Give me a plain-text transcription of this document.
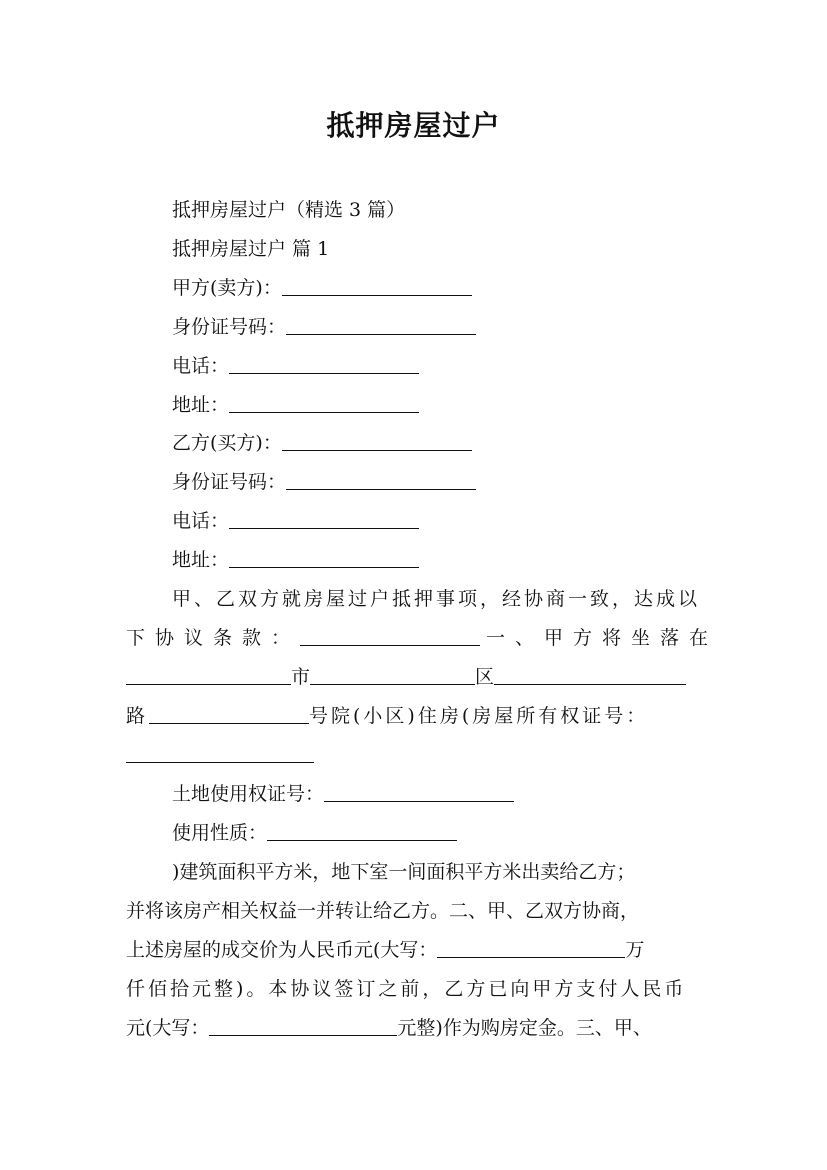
抵押房屋过户
抵押房屋过户（精选 3 篇）
抵押房屋过户 篇 1
甲方(卖方)：
身份证号码：
电话：
地址：
乙方(买方)：
身份证号码：
电话：
地址：
甲、乙双方就房屋过户抵押事项，经协商一致，达成以
下协议条款：	一、甲方将坐落在
市	区
路	号院(小区)住房(房屋所有权证号：
土地使用权证号：
使用性质：
)建筑面积平方米，地下室一间面积平方米出卖给乙方；
并将该房产相关权益一并转让给乙方。二、甲、乙双方协商，
上述房屋的成交价为人民币元(大写：	万
仟佰拾元整)。本协议签订之前，乙方已向甲方支付人民币
元(大写：	元整)作为购房定金。三、甲、
